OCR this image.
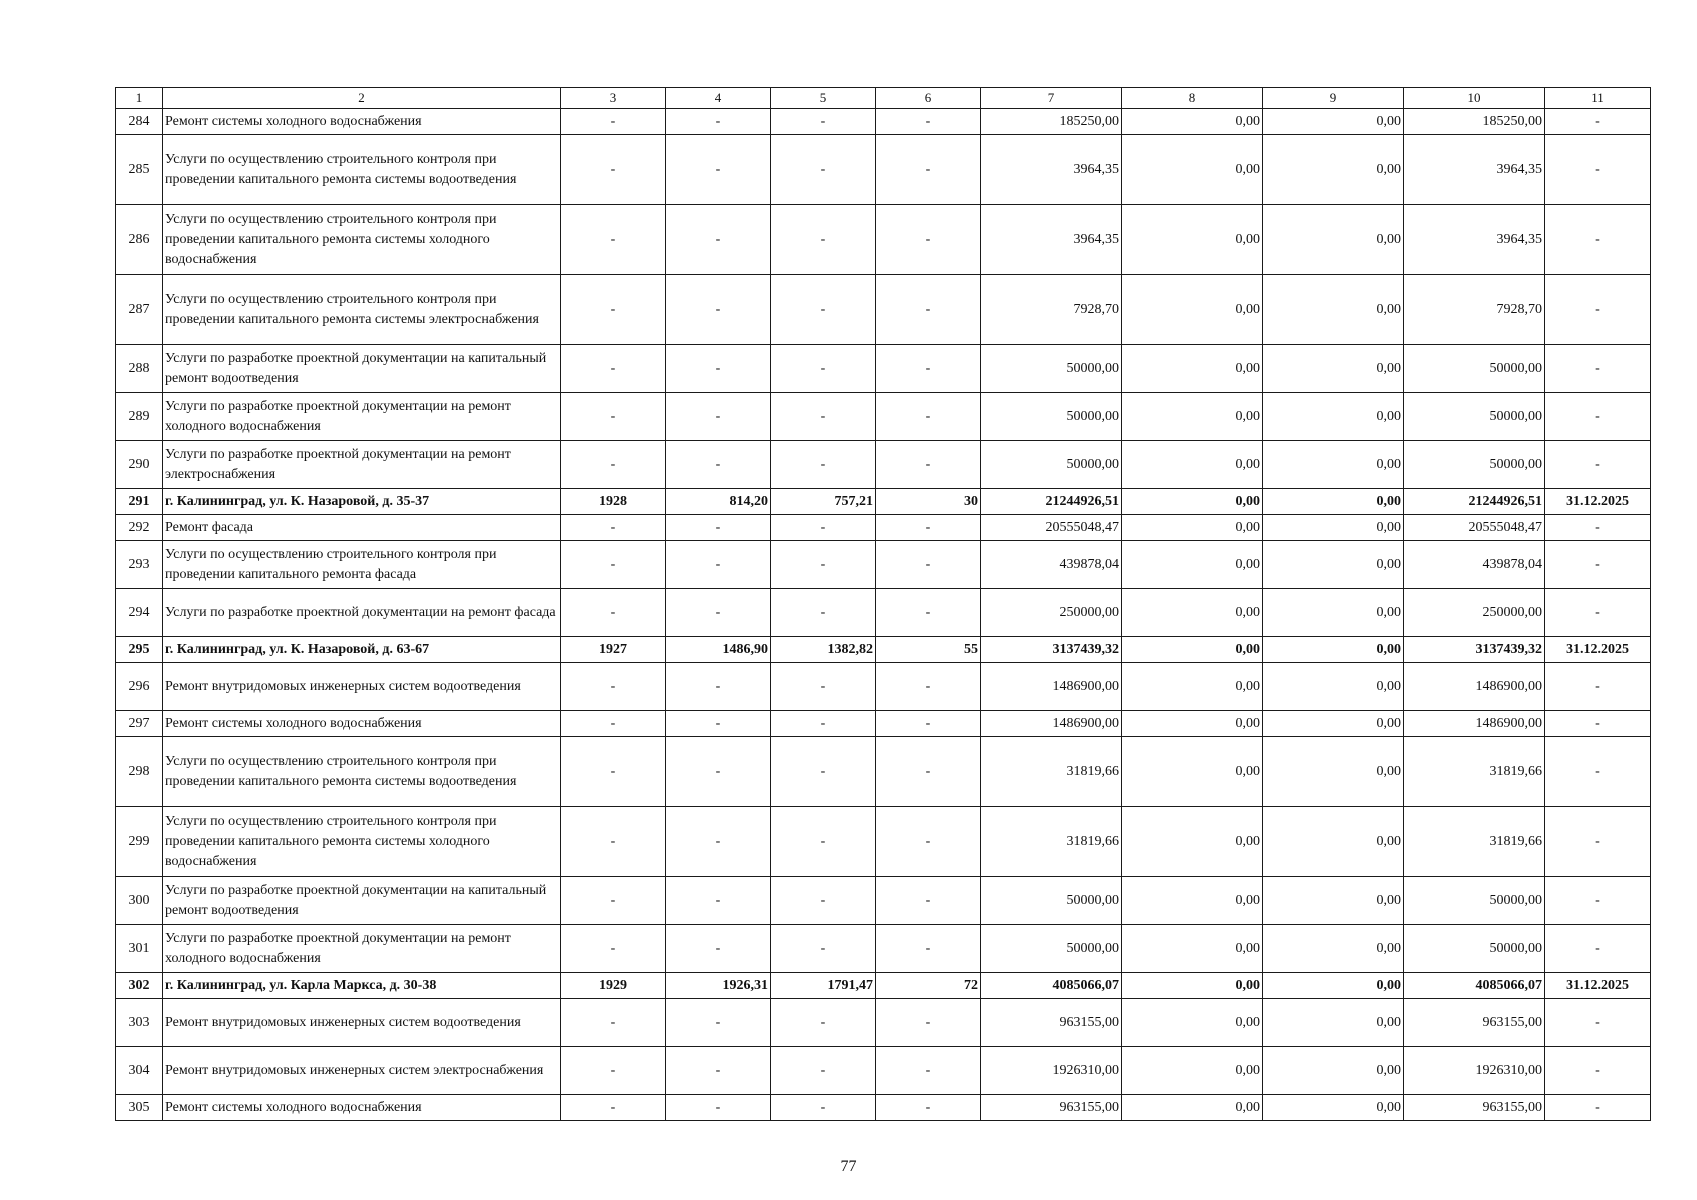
1	2	3	4	5	6	7	8	9	10	11
284	Ремонт системы холодного водоснабжения	-	-	-	-	185250,00	0,00	0,00	185250,00	-
285	Услуги по осуществлению строительного контроля при проведении капитального ремонта системы водоотведения	-	-	-	-	3964,35	0,00	0,00	3964,35	-
286	Услуги по осуществлению строительного контроля при проведении капитального ремонта системы холодного водоснабжения	-	-	-	-	3964,35	0,00	0,00	3964,35	-
287	Услуги по осуществлению строительного контроля при проведении капитального ремонта системы электроснабжения	-	-	-	-	7928,70	0,00	0,00	7928,70	-
288	Услуги по разработке проектной документации на капитальный ремонт водоотведения	-	-	-	-	50000,00	0,00	0,00	50000,00	-
289	Услуги по разработке проектной документации на ремонт холодного водоснабжения	-	-	-	-	50000,00	0,00	0,00	50000,00	-
290	Услуги по разработке проектной документации на ремонт электроснабжения	-	-	-	-	50000,00	0,00	0,00	50000,00	-
291	г. Калининград, ул. К. Назаровой, д. 35-37	1928	814,20	757,21	30	21244926,51	0,00	0,00	21244926,51	31.12.2025
292	Ремонт фасада	-	-	-	-	20555048,47	0,00	0,00	20555048,47	-
293	Услуги по осуществлению строительного контроля при проведении капитального ремонта фасада	-	-	-	-	439878,04	0,00	0,00	439878,04	-
294	Услуги по разработке проектной документации на ремонт фасада	-	-	-	-	250000,00	0,00	0,00	250000,00	-
295	г. Калининград, ул. К. Назаровой, д. 63-67	1927	1486,90	1382,82	55	3137439,32	0,00	0,00	3137439,32	31.12.2025
296	Ремонт внутридомовых инженерных систем водоотведения	-	-	-	-	1486900,00	0,00	0,00	1486900,00	-
297	Ремонт системы холодного водоснабжения	-	-	-	-	1486900,00	0,00	0,00	1486900,00	-
298	Услуги по осуществлению строительного контроля при проведении капитального ремонта системы водоотведения	-	-	-	-	31819,66	0,00	0,00	31819,66	-
299	Услуги по осуществлению строительного контроля при проведении капитального ремонта системы холодного водоснабжения	-	-	-	-	31819,66	0,00	0,00	31819,66	-
300	Услуги по разработке проектной документации на капитальный ремонт водоотведения	-	-	-	-	50000,00	0,00	0,00	50000,00	-
301	Услуги по разработке проектной документации на ремонт холодного водоснабжения	-	-	-	-	50000,00	0,00	0,00	50000,00	-
302	г. Калининград, ул. Карла Маркса, д. 30-38	1929	1926,31	1791,47	72	4085066,07	0,00	0,00	4085066,07	31.12.2025
303	Ремонт внутридомовых инженерных систем водоотведения	-	-	-	-	963155,00	0,00	0,00	963155,00	-
304	Ремонт внутридомовых инженерных систем электроснабжения	-	-	-	-	1926310,00	0,00	0,00	1926310,00	-
305	Ремонт системы холодного водоснабжения	-	-	-	-	963155,00	0,00	0,00	963155,00	-
77
